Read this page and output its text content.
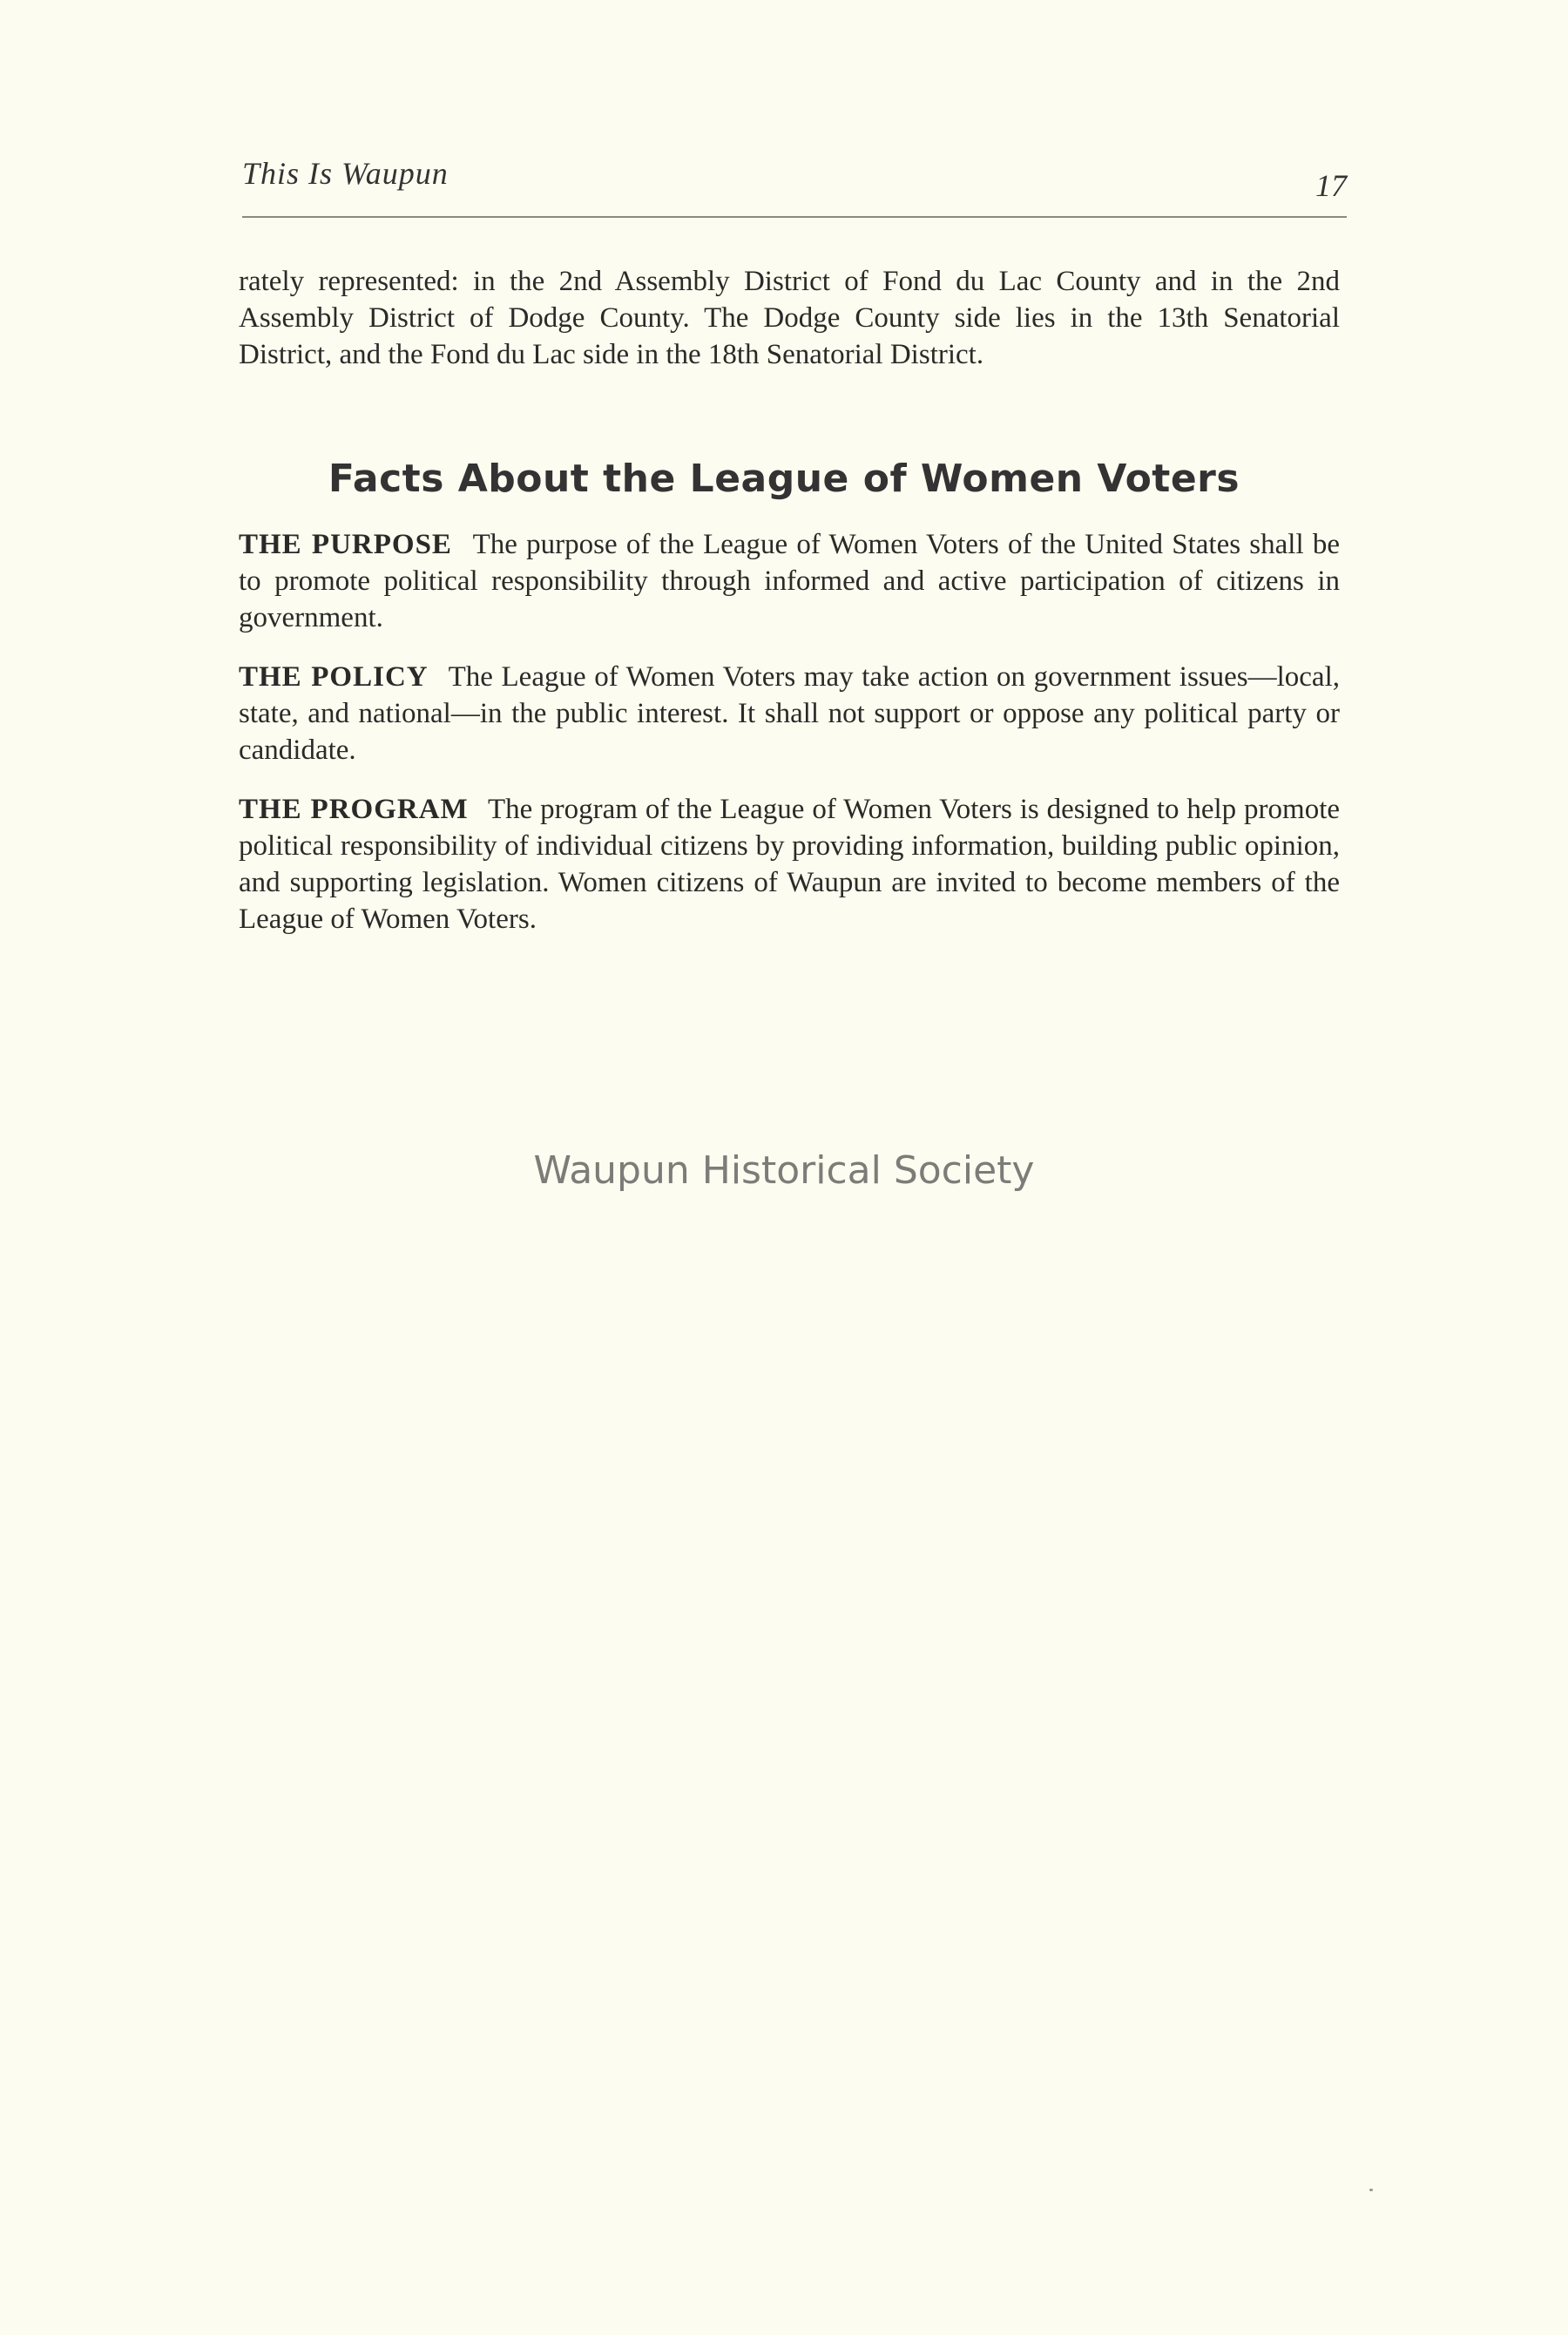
This Is Waupun	17

rately represented: in the 2nd Assembly District of Fond du Lac County and in the 2nd Assembly District of Dodge County. The Dodge County side lies in the 13th Senatorial District, and the Fond du Lac side in the 18th Senatorial District.

Facts About the League of Women Voters

THE PURPOSE The purpose of the League of Women Voters of the United States shall be to promote political responsibility through informed and active participation of citizens in government.

THE POLICY The League of Women Voters may take action on government issues—local, state, and national—in the public interest. It shall not support or oppose any political party or candidate.

THE PROGRAM The program of the League of Women Voters is designed to help promote political responsibility of individual citizens by providing information, building public opinion, and supporting legislation. Women citizens of Waupun are invited to become members of the League of Women Voters.

Waupun Historical Society
